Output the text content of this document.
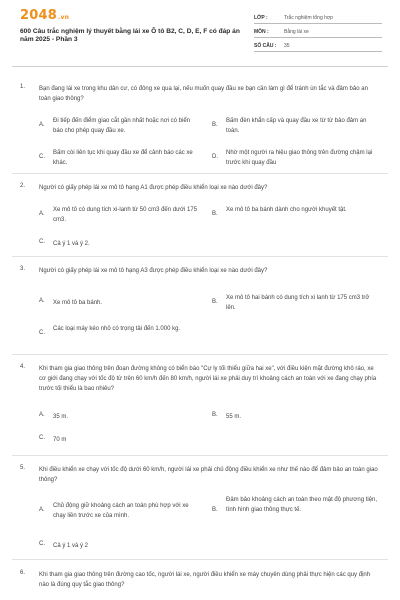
2048.vn
600 Câu trắc nghiệm lý thuyết bằng lái xe Ô tô B2, C, D, E, F có đáp án năm 2025 - Phần 3
LỚP :	Trắc nghiệm tổng hợp
MÔN :	Bằng lái xe
SỐ CÂU : 35
1. Bạn đang lái xe trong khu dân cư, có đông xe qua lại, nếu muốn quay đầu xe bạn cần làm gì để tránh ùn tắc và đảm bảo an toàn giao thông?
A.
Đi tiếp đến điểm giao cắt gần nhất hoặc nơi có biển báo cho phép quay đầu xe.
B.
Bấm đèn khẩn cấp và quay đầu xe từ từ bảo đảm an toàn.
C.
Bấm còi liên tục khi quay đầu xe để cảnh báo các xe khác.
D.
Nhờ một người ra hiệu giao thông trên đường chậm lại trước khi quay đầu
2. Người có giấy phép lái xe mô tô hạng A1 được phép điều khiển loại xe nào dưới đây?
A.
Xe mô tô có dung tích xi-lanh từ 50 cm3 đến dưới 175 cm3.
B.
Xe mô tô ba bánh dành cho người khuyết tật.
C. Cả ý 1 và ý 2.
3. Người có giấy phép lái xe mô tô hạng A3 được phép điều khiển loại xe nào dưới đây?
A. Xe mô tô ba bánh.	B.
Xe mô tô hai bánh có dung tích xi lanh từ 175 cm3 trở lên.
C.
Các loại máy kéo nhỏ có trọng tải đến 1.000 kg.
4. Khi tham gia giao thông trên đoạn đường không có biển báo "Cự ly tối thiểu giữa hai xe", với điều kiện mặt đường khô ráo, xe cơ giới đang chạy với tốc độ từ trên 60 km/h đến 80 km/h, người lái xe phải duy trì khoảng cách an toàn với xe đang chạy phía trước tối thiểu là bao nhiêu?
A. 35 m.	B. 55 m.
C. 70 m
5. Khi điều khiển xe chạy với tốc độ dưới 60 km/h, người lái xe phải chủ động điều khiển xe như thế nào để đảm bảo an toàn giao thông?
A.
Chủ động giữ khoảng cách an toàn phù hợp với xe chạy liền trước xe của mình.
B.
Đảm bảo khoảng cách an toàn theo mật độ phương tiện, tình hình giao thông thực tế.
C. Cả ý 1 và ý 2
6. Khi tham gia giao thông trên đường cao tốc, người lái xe, người điều khiển xe máy chuyên dùng phải thực hiện các quy định nào là đúng quy tắc giao thông?
